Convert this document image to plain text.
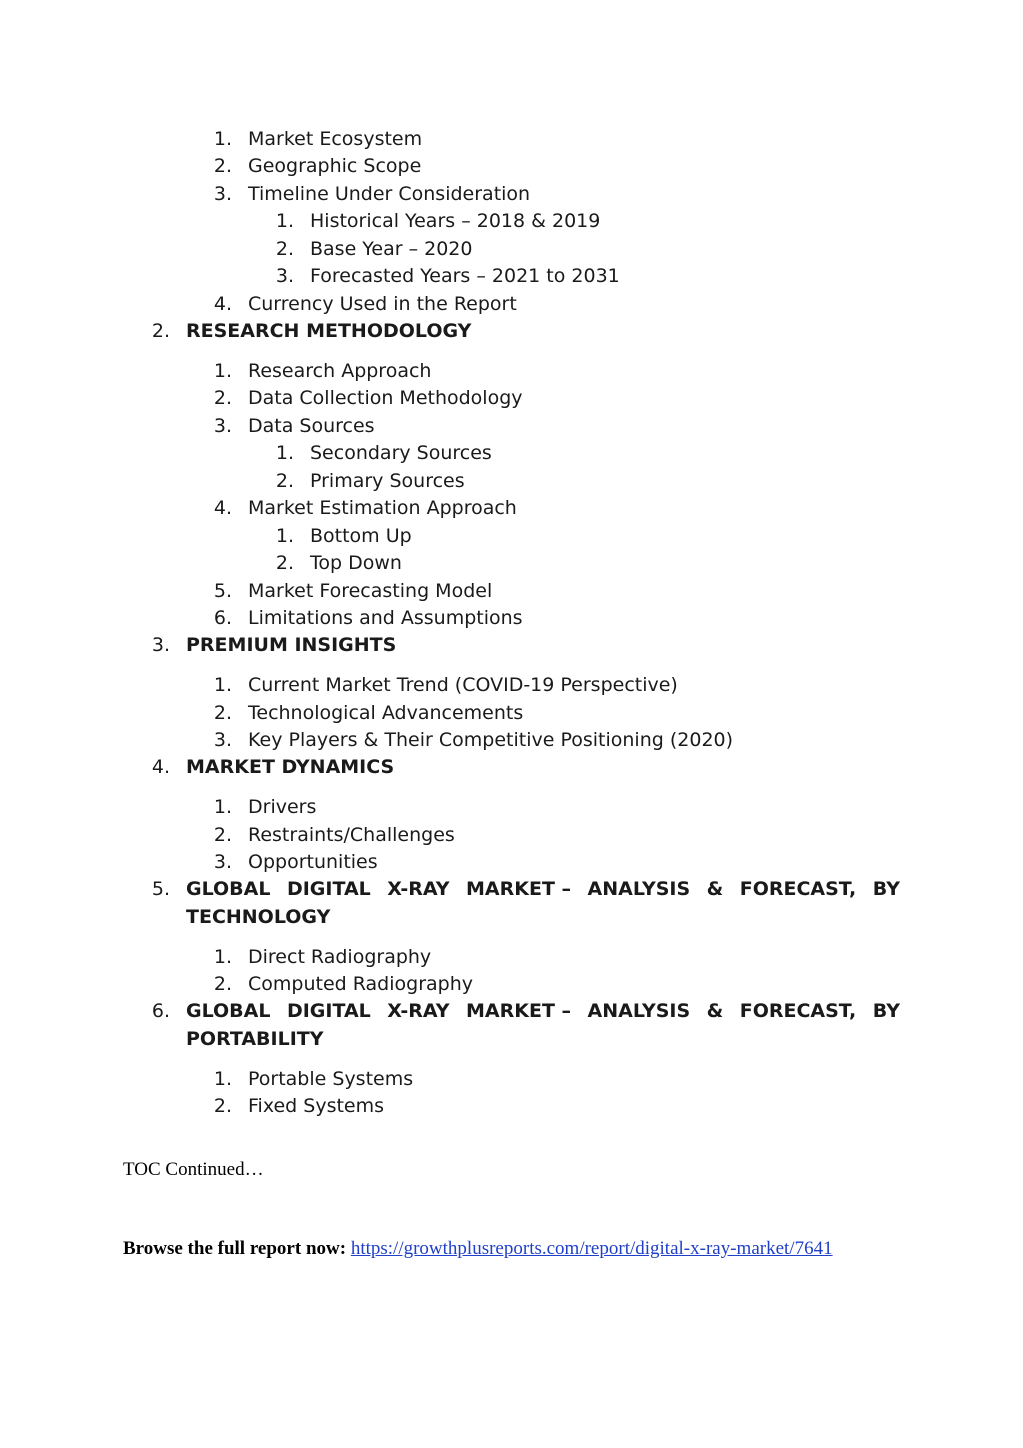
1. Market Ecosystem
2. Geographic Scope
3. Timeline Under Consideration
1. Historical Years – 2018 & 2019
2. Base Year – 2020
3. Forecasted Years – 2021 to 2031
4. Currency Used in the Report
2. RESEARCH METHODOLOGY
1. Research Approach
2. Data Collection Methodology
3. Data Sources
1. Secondary Sources
2. Primary Sources
4. Market Estimation Approach
1. Bottom Up
2. Top Down
5. Market Forecasting Model
6. Limitations and Assumptions
3. PREMIUM INSIGHTS
1. Current Market Trend (COVID-19 Perspective)
2. Technological Advancements
3. Key Players & Their Competitive Positioning (2020)
4. MARKET DYNAMICS
1. Drivers
2. Restraints/Challenges
3. Opportunities
5. GLOBAL DIGITAL X-RAY MARKET – ANALYSIS & FORECAST, BY
TECHNOLOGY
1. Direct Radiography
2. Computed Radiography
6. GLOBAL DIGITAL X-RAY MARKET – ANALYSIS & FORECAST, BY
PORTABILITY
1. Portable Systems
2. Fixed Systems
TOC Continued…
Browse the full report now: https://growthplusreports.com/report/digital-x-ray-market/7641
